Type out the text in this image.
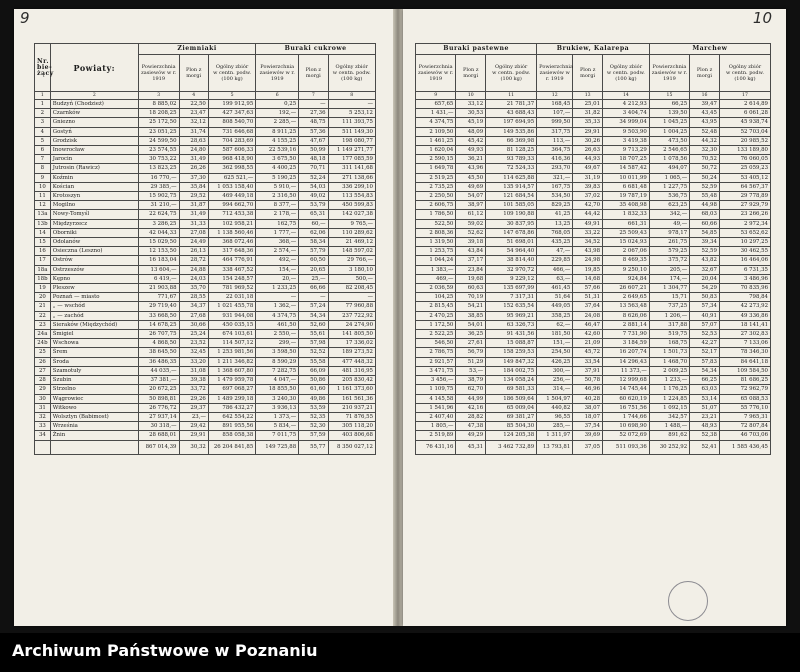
9
Nr. bie- żący	Powiaty:	Ziemniaki			Buraki cukrowe		
		Powierzchnia zasiewów w r. 1919	Plon z morgi	Ogólny zbiór
w centn. podw. (100 kg)	Powierzchnia zasiewów w r. 1919	Plon z morgi	Ogólny zbiór
w centn. podw. (100 kg)
1	2	3	4	5	6	7	8
1	Budzyń (Chodzież)	8 885,02	22,50	199 912,95	0,25	—	—
2	Czarnków	18 208,25	23,47	427 347,63	192,—	27,36	5 253,12
3	Gniezno	25 172,50	32,12	808 540,70	2 285,—	48,75	111 393,75
4	Gostyń	23 051,25	31,74	731 646,68	8 911,25	57,36	511 149,30
5	Grodzisk	24 599,50	28,63	704 283,69	4 155,25	47,67	198 080,77
6	Inowrocław	23 574,55	24,80	587 606,33	22 539,16	50,99	1 149 271,77
7	Jarocin	30 753,22	31,49	968 418,90	3 675,50	48,18	177 085,59
8	Jutrosin (Rawicz)	13 823,25	26,26	362 998,55	4 400,25	70,71	311 141,68
9	Koźmin	16 770,—	37,30	625 521,—	5 190,25	52,24	271 138,66
10	Kościan	29 385,—	35,84	1 053 158,40	5 910,—	54,03	336 299,10
11	Krotoszyn	15 902,75	29,52	469 449,18	2 316,50	49,02	113 554,83
12	Mogilno	31 210,—	31,87	994 662,70	8 377,—	53,79	450 599,83
13a	Nowy-Tomyśl	22 624,75	31,49	712 453,38	2 178,—	65,31	142 027,38
13b	Międzyrzecz	3 286,25	31,33	102 958,21	162,75	60,—	9 765,—
14	Oborniki	42 044,33	27,08	1 138 560,46	1 777,—	62,06	110 289,62
15	Odolanów	15 029,50	24,49	368 072,46	368,—	58,34	21 469,12
16	Osieczna (Leszno)	12 153,50	26,13	317 648,36	2 574,—	57,79	148 597,02
17	Ostrów	16 183,04	28,72	464 776,91	492,—	60,50	29 766,—
18a	Ostrzeszów	13 604,—	24,88	338 467,52	154,—	20,65	3 180,10
18b	Kępno	6 419,—	24,03	154 248,57	20,—	25,—	500,—
19	Pleszew	21 903,88	35,70	781 969,52	1 233,25	66,66	82 208,45
20	Poznań — miasto	771,67	28,55	22 031,18	—	—	—
21	„ — wschód	29 719,40	34,37	1 021 455,78	1 362,—	57,24	77 960,88
22	„ — zachód	33 668,50	27,68	931 944,08	4 374,75	54,34	237 722,92
23	Sieraków (Międzychód)	14 678,25	30,66	450 035,15	461,50	52,60	24 274,90
24a	Śmigiel	26 707,75	25,24	674 103,61	2 550,—	55,61	141 805,50
24b	Wschowa	4 868,50	23,52	114 507,12	299,—	57,98	17 336,02
25	Śrem	38 645,50	32,45	1 253 981,56	3 598,50	52,52	189 273,52
26	Środa	36 486,35	33,20	1 211 346,82	8 590,29	55,58	477 448,32
27	Szamotuły	44 035,—	31,08	1 368 607,80	7 282,75	66,09	481 316,95
28	Szubin	37 381,—	39,38	1 479 959,78	4 047,—	50,86	205 830,42
29	Strzelno	20 672,25	33,72	697 068,27	18 855,50	61,60	1 161 373,60
30	Wągrowiec	50 898,81	29,26	1 489 299,18	3 240,30	49,86	161 561,36
31	Witkowo	26 776,72	29,37	786 432,27	3 936,13	53,59	210 937,21
32	Wolsztyn (Babimost)	27 937,14	23,—	642 554,22	1 373,—	52,35	71 876,55
33	Września	30 318,—	29,42	891 955,56	5 834,—	52,30	305 118,20
34	Żnin	28 688,01	29,91	858 058,38	7 011,75	57,59	403 806,68
		867 014,39	30,32	26 204 841,85	149 725,88	55,77	8 350 027,12
10
Buraki pastewne			Brukiew, Kalarepa			Marchew		
Powierzchnia zasiewów w r. 1919	Plon z morgi	Ogólny zbiór
w centn. podw. (100 kg)	Powierzchnia zasiewów w r. 1919	Plon z morgi	Ogólny zbiór
w centn. podw. (100 kg)	Powierzchnia zasiewów w r. 1919	Plon z morgi	Ogólny zbiór
w centn. podw. (100 kg)
9	10	11	12	13	14	15	16	17
657,65	33,12	21 781,37	168,45	25,01	4 212,93	66,25	39,47	2 614,89
1 431,—	30,53	43 688,43	107,—	31,82	3 404,74	139,50	43,45	6 061,28
4 374,75	45,19	197 694,95	999,50	35,33	34 999,04	1 045,25	43,95	45 938,74
2 109,50	48,09	149 535,86	317,75	29,91	9 503,90	1 004,25	52,48	52 703,04
1 461,25	45,42	66 369,98	113,—	30,26	3 419,38	473,50	44,32	20 985,52
1 620,04	49,93	81 128,25	364,75	26,63	9 713,29	2 546,65	32,30	133 189,80
2 590,15	36,21	93 789,33	416,36	44,93	18 707,25	1 078,56	70,52	76 060,05
1 649,78	43,96	72 524,33	293,70	49,67	14 587,42	494,07	50,72	25 059,23
2 519,25	45,50	114 625,88	321,—	31,19	10 011,99	1 065,—	50,24	53 405,12
2 735,25	49,69	135 914,57	167,75	39,83	6 681,48	1 227,75	52,59	64 567,37
2 250,50	54,07	121 684,54	534,50	37,02	19 787,19	536,75	55,48	29 778,89
2 606,75	38,97	101 585,05	829,25	42,70	35 408,98	623,25	44,98	27 929,79
1 786,50	61,12	109 190,88	41,25	44,42	1 832,33	342,—	68,03	23 266,26
522,50	59,02	30 837,95	13,25	49,91	661,31	49,—	60,66	2 972,34
2 808,36	52,62	147 678,86	768,05	33,22	25 509,43	978,17	54,85	53 652,62
1 319,50	39,18	51 698,01	435,25	34,52	15 024,93	261,75	39,34	10 297,25
1 253,75	43,84	54 964,40	47,—	43,98	2 067,06	579,25	52,59	30 462,55
1 044,24	37,17	38 814,40	229,85	24,98	8 469,35	375,72	43,82	16 464,06
1 383,—	23,84	32 970,72	466,—	19,85	9 250,10	205,—	32,67	6 731,35
469,—	19,68	9 229,12	63,—	14,68	924,84	174,—	20,04	3 486,96
2 036,59	60,63	135 697,99	461,45	57,66	26 607,21	1 304,77	54,29	70 835,96
104,25	70,19	7 317,31	51,64	51,31	2 649,65	15,71	50,83	798,84
2 815,45	54,21	152 635,54	449,05	37,64	13 563,48	737,25	57,34	42 273,92
2 470,25	38,85	95 969,21	358,25	24,08	8 626,06	1 206,—	40,91	49 336,86
1 172,50	54,01	63 326,73	62,—	46,47	2 881,14	317,88	57,07	18 141,41
2 522,25	36,25	91 431,56	181,50	42,60	7 731,90	519,75	52,53	27 302,83
546,50	27,61	15 088,87	151,—	21,09	3 184,59	168,75	42,27	7 133,06
2 786,75	56,79	158 259,53	254,50	45,72	16 207,74	1 501,73	52,17	78 346,30
2 921,57	51,29	149 847,32	426,25	33,54	14 296,43	1 468,70	57,83	84 641,18
3 471,75	53,—	184 002,75	300,—	37,91	11 373,—	2 009,25	54,34	109 584,50
3 456,—	38,79	134 058,24	256,—	50,78	12 999,68	1 233,—	66,25	81 686,25
1 109,75	62,70	69 581,33	314,—	46,96	14 745,44	1 176,25	63,03	72 962,79
4 145,58	44,99	186 509,64	1 504,97	40,28	60 620,19	1 224,85	53,14	65 088,53
1 541,96	42,16	65 009,04	440,82	38,07	16 751,56	1 092,15	51,07	55 776,10
2 407,40	28,82	69 381,27	96,55	18,07	1 744,66	342,57	23,21	7 965,31
1 805,—	47,38	85 504,30	285,—	37,54	10 698,90	1 488,—	48,93	72 807,84
2 519,89	49,29	124 205,38	1 311,97	39,69	52 072,69	891,62	52,38	46 703,06
76 431,16	45,31	3 462 732,89	13 793,81	37,05	511 093,36	30 252,92	52,41	1 585 436,45
Archiwum Państwowe w Poznaniu
